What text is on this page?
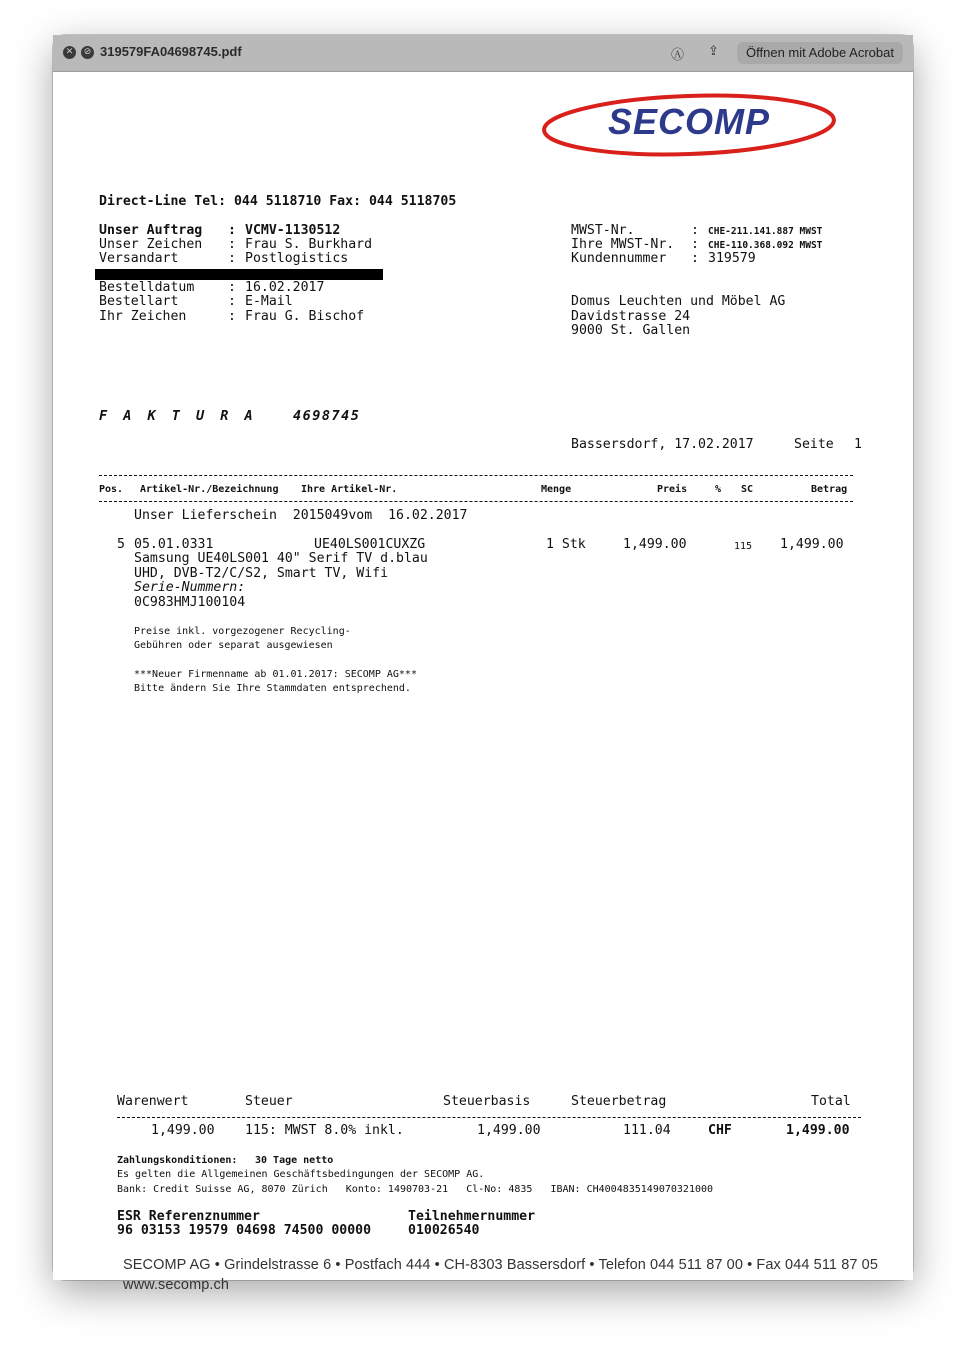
✕	⊘ 319579FA04698745.pdf	Ⓐ ⇪	Öffnen mit Adobe Acrobat
SECOMP
Direct-Line Tel: 044 5118710 Fax: 044 5118705
Unser Auftrag : VCMV-1130512
Unser Zeichen : Frau S. Burkhard
Versandart	: Postlogistics
Bestelldatum	: 16.02.2017
Bestellart	: E-Mail
Ihr Zeichen	: Frau G. Bischof
MWST-Nr.	: CHE-211.141.887 MWST
Ihre MWST-Nr. : CHE-110.368.092 MWST
Kundennummer : 319579
Domus Leuchten und Möbel AG
Davidstrasse 24
9000 St. Gallen
F A K T U R A	4698745
Bassersdorf, 17.02.2017	Seite 1
Pos. Artikel-Nr./Bezeichnung Ihre Artikel-Nr.	Menge	Preis	% SC	Betrag
Unser Lieferschein  2015049vom  16.02.2017
5 05.01.0331	UE40LS001CUXZG	1 Stk	1,499.00	115 1,499.00
Samsung UE40LS001 40" Serif TV d.blau
UHD, DVB-T2/C/S2, Smart TV, Wifi
Serie-Nummern:
0C983HMJ100104
Preise inkl. vorgezogener Recycling-
Gebühren oder separat ausgewiesen
***Neuer Firmenname ab 01.01.2017: SECOMP AG***
Bitte ändern Sie Ihre Stammdaten entsprechend.
Warenwert	Steuer	Steuerbasis	Steuerbetrag	Total
1,499.00 115: MWST 8.0% inkl.	1,499.00	111.04	CHF	1,499.00
Zahlungskonditionen: 30 Tage netto
Es gelten die Allgemeinen Geschäftsbedingungen der SECOMP AG.
Bank: Credit Suisse AG, 8070 Zürich   Konto: 1490703-21   Cl-No: 4835   IBAN: CH4004835149070321000
ESR Referenznummer
96 03153 19579 04698 74500 00000
Teilnehmernummer
010026540
SECOMP AG • Grindelstrasse 6 • Postfach 444 • CH-8303 Bassersdorf • Telefon 044 511 87 00 • Fax 044 511 87 05
www.secomp.ch
